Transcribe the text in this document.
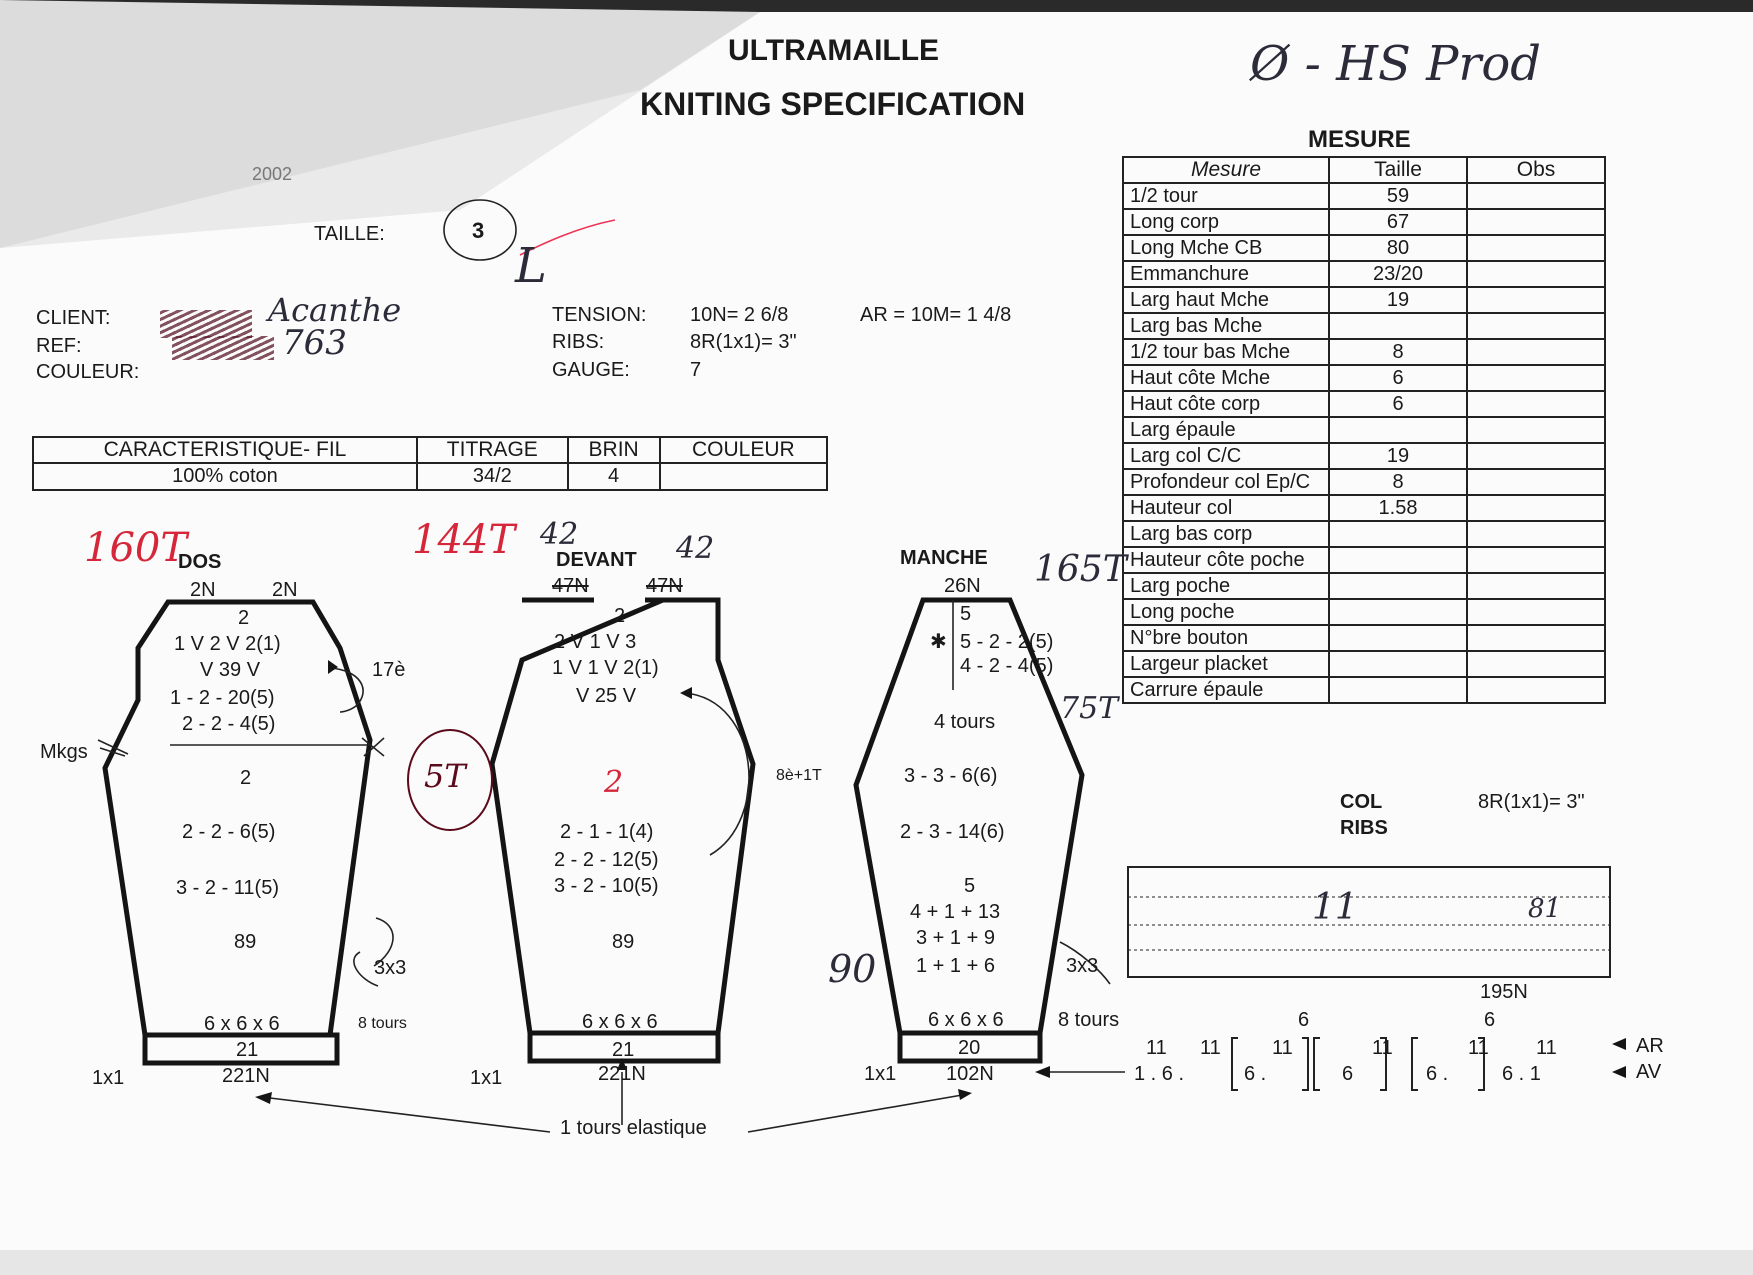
ULTRAMAILLE
KNITING SPECIFICATION
2002
Ø - HS Prod
TAILLE:	3
L
CLIENT:	Acanthe
REF:	763
COULEUR:
TENSION: 10N= 2 6/8	AR = 10M= 1 4/8
RIBS:	8R(1x1)= 3"
GAUGE:	7
CARACTERISTIQUE- FIL	TITRAGE	BRIN	COULEUR
100% coton	34/2	4	
MESURE
Mesure	Taille	Obs
1/2 tour	59	
Long corp	67	
Long Mche CB	80	
Emmanchure	23/20	
Larg haut Mche	19	
Larg bas Mche		
1/2 tour bas Mche	8	
Haut côte Mche	6	
Haut côte corp	6	
Larg épaule		
Larg col C/C	19	
Profondeur col Ep/C	8	
Hauteur col	1.58	
Larg bas corp		
Hauteur côte poche		
Larg poche		
Long poche		
N°bre bouton		
Largeur placket		
Carrure épaule		
COL
RIBS
8R(1x1)= 3"
11	81
195N
6	6
11 11	11	11	11 11
1 . 6 .	6 .	6	6 .	6 . 1
AR
AV
160T
DOS
2N	2N
2
1 V 2 V 2(1)
V 39 V
1 - 2 - 20(5)
2 - 2 - 4(5)
17è
Mkgs
2
2 - 2 - 6(5)
3 - 2 - 11(5)
89
3x3
8 tours
6 x 6 x 6
21
1x1	221N
144T 42	42
DEVANT
47N	47N
2
2 V 1 V 3
1 V 1 V 2(1)
V 25 V
5T	8è+1T
2
2 - 1 - 1(4)
2 - 2 - 12(5)
3 - 2 - 10(5)
89
6 x 6 x 6
21
1x1	221N
MANCHE 165T
75T
90
26N
5
✱ 5 - 2 - 2(5)
4 - 2 - 4(5)
4 tours
3 - 3 - 6(6)
2 - 3 - 14(6)
5
4 + 1 + 13
3 + 1 + 9
1 + 1 + 6	3x3
8 tours
6 x 6 x 6
20
1x1 102N
1 tours elastique
